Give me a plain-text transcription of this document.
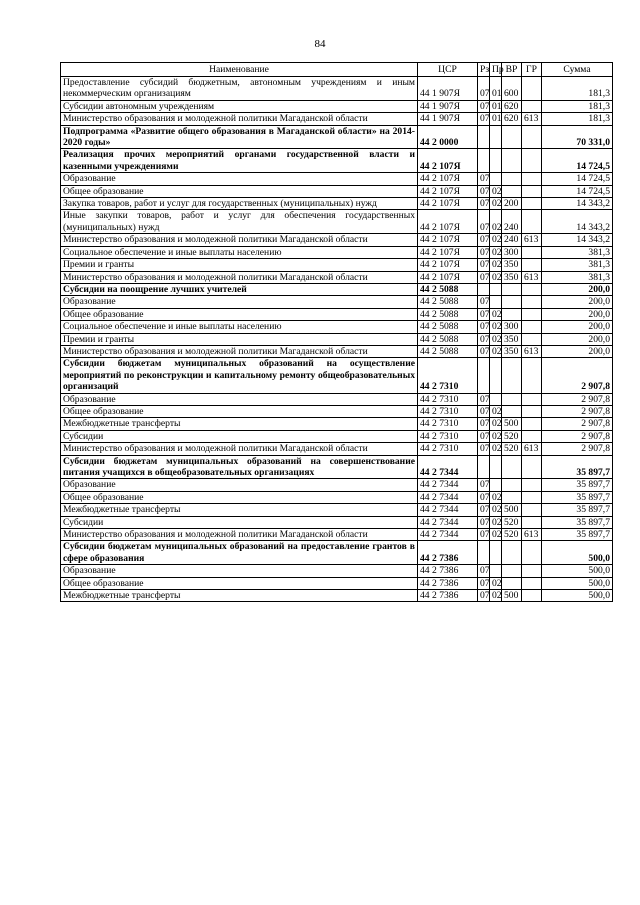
84
Наименование	ЦСР	Рз	Пр	ВР	ГР	Сумма
Предоставление субсидий бюджетным, автономным учреждениям и иным некоммерческим организациям	44 1 907Я	07	01	600		181,3
Субсидии автономным учреждениям	44 1 907Я	07	01	620		181,3
Министерство образования и молодежной политики Магаданской области	44 1 907Я	07	01	620	613	181,3
Подпрограмма «Развитие общего образования в Магаданской области» на 2014-2020 годы»	44 2 0000					70 331,0
Реализация прочих мероприятий органами государственной власти и казенными учреждениями	44 2 107Я					14 724,5
Образование	44 2 107Я	07				14 724,5
Общее образование	44 2 107Я	07	02			14 724,5
Закупка товаров, работ и услуг для государственных (муниципальных) нужд	44 2 107Я	07	02	200		14 343,2
Иные закупки товаров, работ и услуг для обеспечения государственных (муниципальных) нужд	44 2 107Я	07	02	240		14 343,2
Министерство образования и молодежной политики Магаданской области	44 2 107Я	07	02	240	613	14 343,2
Социальное обеспечение и иные выплаты населению	44 2 107Я	07	02	300		381,3
Премии и гранты	44 2 107Я	07	02	350		381,3
Министерство образования и молодежной политики Магаданской области	44 2 107Я	07	02	350	613	381,3
Субсидии на поощрение лучших учителей	44 2 5088					200,0
Образование	44 2 5088	07				200,0
Общее образование	44 2 5088	07	02			200,0
Социальное обеспечение и иные выплаты населению	44 2 5088	07	02	300		200,0
Премии и гранты	44 2 5088	07	02	350		200,0
Министерство образования и молодежной политики Магаданской области	44 2 5088	07	02	350	613	200,0
Субсидии бюджетам муниципальных образований на осуществление мероприятий по реконструкции и капитальному ремонту общеобразовательных организаций	44 2 7310					2 907,8
Образование	44 2 7310	07				2 907,8
Общее образование	44 2 7310	07	02			2 907,8
Межбюджетные трансферты	44 2 7310	07	02	500		2 907,8
Субсидии	44 2 7310	07	02	520		2 907,8
Министерство образования и молодежной политики Магаданской области	44 2 7310	07	02	520	613	2 907,8
Субсидии бюджетам муниципальных образований на совершенствование питания учащихся в общеобразовательных организациях	44 2 7344					35 897,7
Образование	44 2 7344	07				35 897,7
Общее образование	44 2 7344	07	02			35 897,7
Межбюджетные трансферты	44 2 7344	07	02	500		35 897,7
Субсидии	44 2 7344	07	02	520		35 897,7
Министерство образования и молодежной политики Магаданской области	44 2 7344	07	02	520	613	35 897,7
Субсидии бюджетам муниципальных образований на предоставление грантов в сфере образования	44 2 7386					500,0
Образование	44 2 7386	07				500,0
Общее образование	44 2 7386	07	02			500,0
Межбюджетные трансферты	44 2 7386	07	02	500		500,0
